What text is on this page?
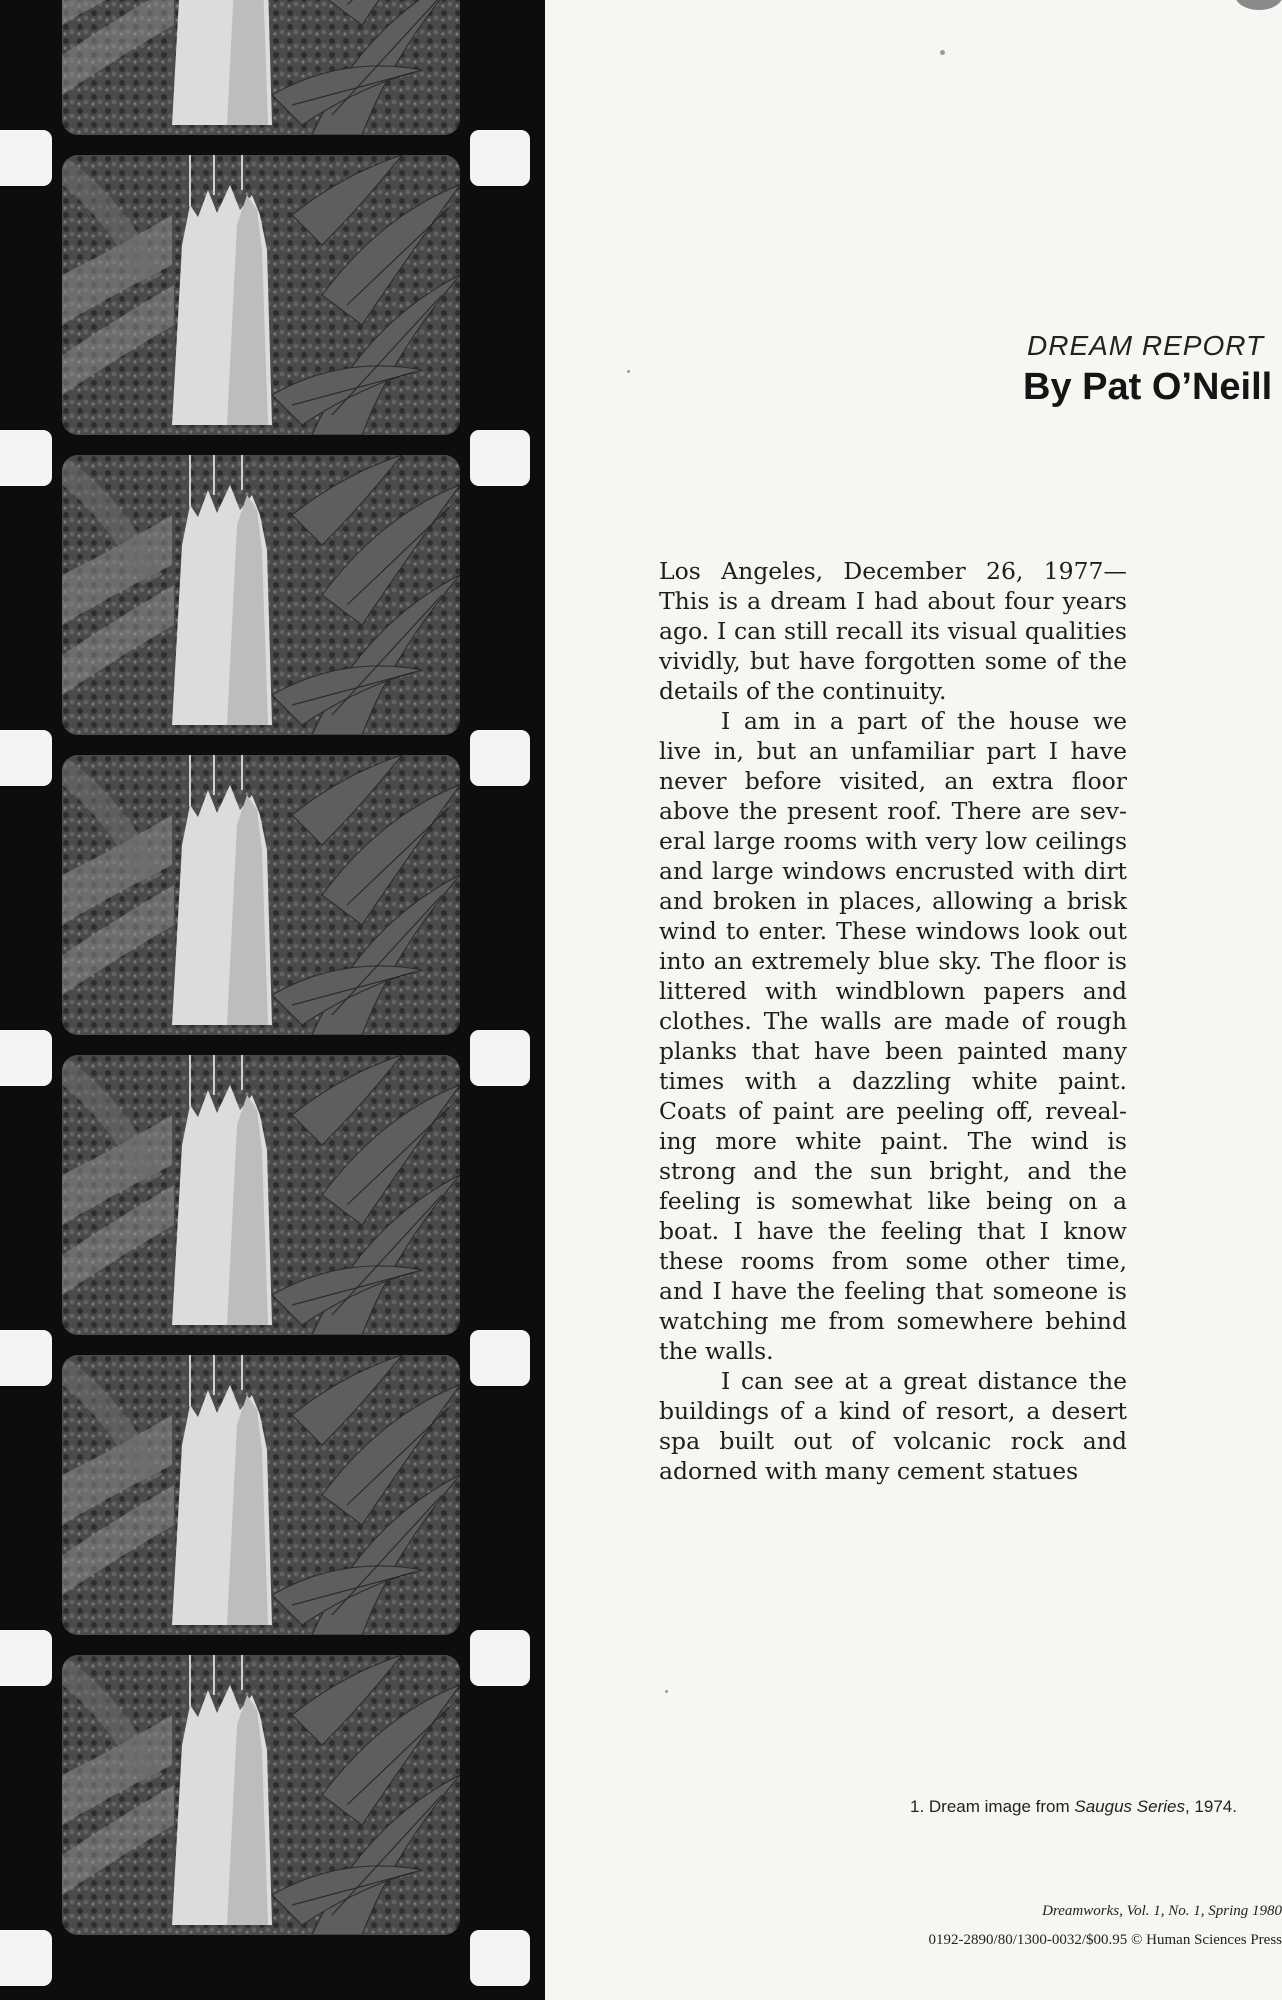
DREAM REPORT
By Pat O’Neill

Los Angeles, December 26, 1977— This is a dream I had about four years ago. I can still recall its visual qualities vividly, but have forgotten some of the details of the continuity.

I am in a part of the house we live in, but an unfamiliar part I have never before visited, an extra floor above the present roof. There are several large rooms with very low ceilings and large windows encrusted with dirt and broken in places, allowing a brisk wind to enter. These windows look out into an extremely blue sky. The floor is littered with windblown papers and clothes. The walls are made of rough planks that have been painted many times with a dazzling white paint. Coats of paint are peeling off, revealing more white paint. The wind is strong and the sun bright, and the feeling is somewhat like being on a boat. I have the feeling that I know these rooms from some other time, and I have the feeling that someone is watching me from somewhere behind the walls.

I can see at a great distance the buildings of a kind of resort, a desert spa built out of volcanic rock and adorned with many cement statues

1. Dream image from Saugus Series, 1974.
Dreamworks, Vol. 1, No. 1, Spring 1980
0192-2890/80/1300-0032/$00.95 © Human Sciences Press
